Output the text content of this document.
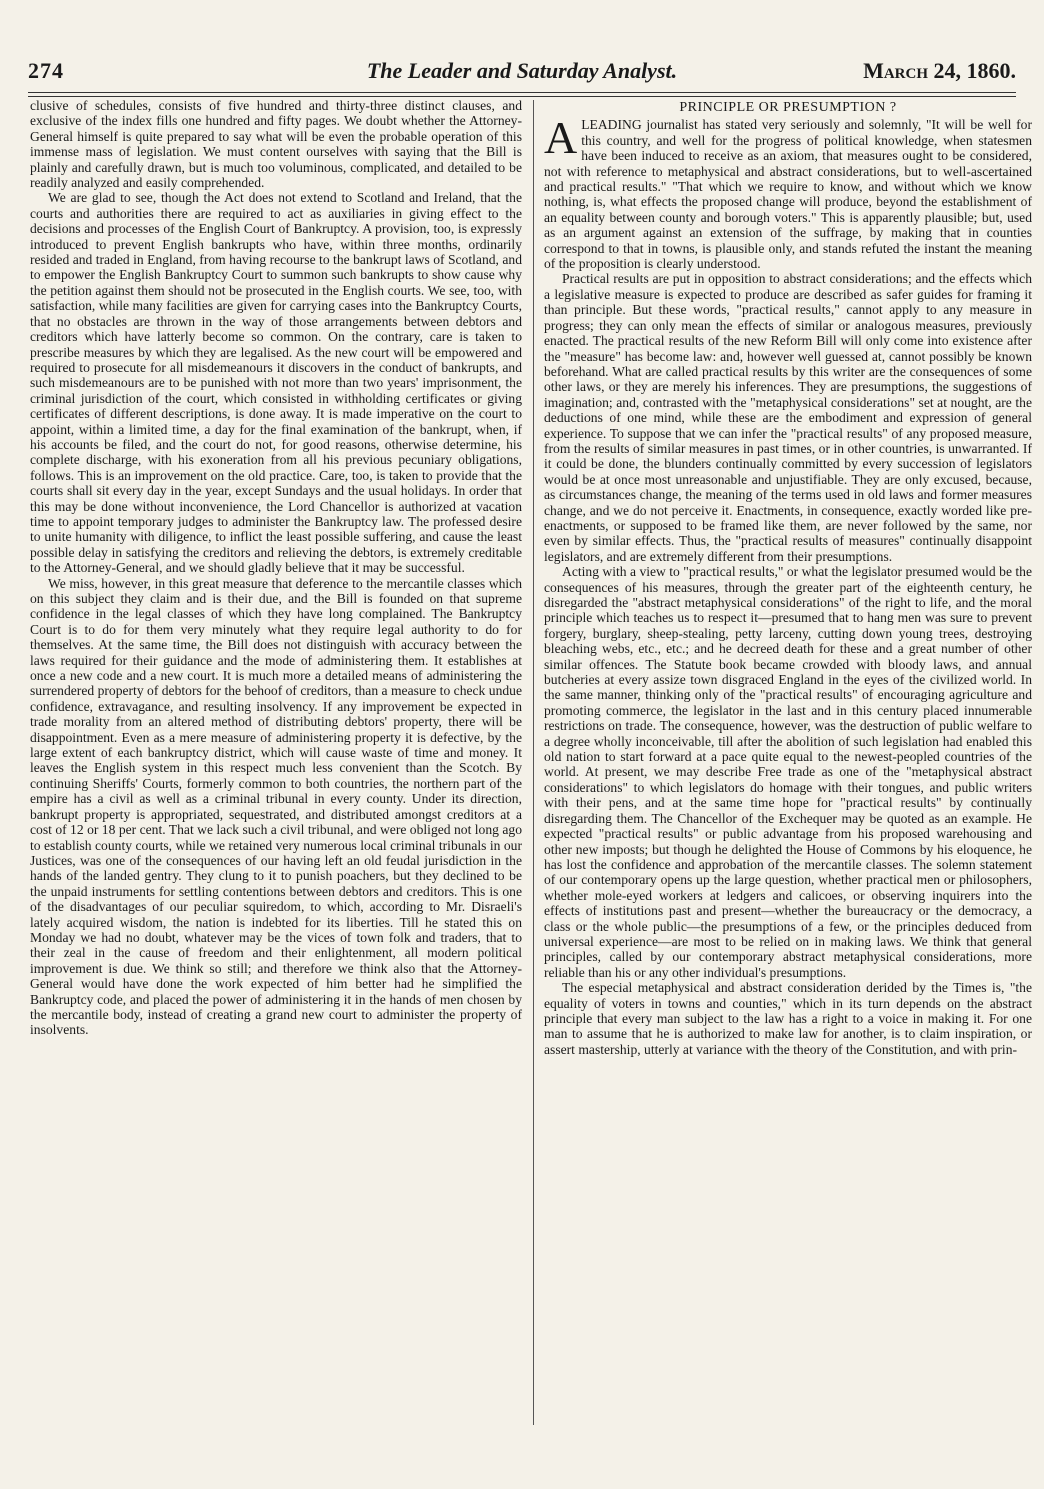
274	The Leader and Saturday Analyst.	March 24, 1860.

clusive of schedules, consists of five hundred and thirty-three distinct clauses, and exclusive of the index fills one hundred and fifty pages. We doubt whether the Attorney-General himself is quite prepared to say what will be even the probable operation of this immense mass of legislation. We must content ourselves with saying that the Bill is plainly and carefully drawn, but is much too voluminous, complicated, and detailed to be readily analyzed and easily comprehended.

We are glad to see, though the Act does not extend to Scotland and Ireland, that the courts and authorities there are required to act as auxiliaries in giving effect to the decisions and processes of the English Court of Bankruptcy. A provision, too, is expressly introduced to prevent English bankrupts who have, within three months, ordinarily resided and traded in England, from having recourse to the bankrupt laws of Scotland, and to empower the English Bankruptcy Court to summon such bankrupts to show cause why the petition against them should not be prosecuted in the English courts. We see, too, with satisfaction, while many facilities are given for carrying cases into the Bankruptcy Courts, that no obstacles are thrown in the way of those arrangements between debtors and creditors which have latterly become so common. On the contrary, care is taken to prescribe measures by which they are legalised. As the new court will be empowered and required to prosecute for all misdemeanours it discovers in the conduct of bankrupts, and such misdemeanours are to be punished with not more than two years' imprisonment, the criminal jurisdiction of the court, which consisted in withholding certificates or giving certificates of different descriptions, is done away. It is made imperative on the court to appoint, within a limited time, a day for the final examination of the bankrupt, when, if his accounts be filed, and the court do not, for good reasons, otherwise determine, his complete discharge, with his exoneration from all his previous pecuniary obligations, follows. This is an improvement on the old practice. Care, too, is taken to provide that the courts shall sit every day in the year, except Sundays and the usual holidays. In order that this may be done without inconvenience, the Lord Chancellor is authorized at vacation time to appoint temporary judges to administer the Bankruptcy law. The professed desire to unite humanity with diligence, to inflict the least possible suffering, and cause the least possible delay in satisfying the creditors and relieving the debtors, is extremely creditable to the Attorney-General, and we should gladly believe that it may be successful.

We miss, however, in this great measure that deference to the mercantile classes which on this subject they claim and is their due, and the Bill is founded on that supreme confidence in the legal classes of which they have long complained. The Bankruptcy Court is to do for them very minutely what they require legal authority to do for themselves. At the same time, the Bill does not distinguish with accuracy between the laws required for their guidance and the mode of administering them. It establishes at once a new code and a new court. It is much more a detailed means of administering the surrendered property of debtors for the behoof of creditors, than a measure to check undue confidence, extravagance, and resulting insolvency. If any improvement be expected in trade morality from an altered method of distributing debtors' property, there will be disappointment. Even as a mere measure of administering property it is defective, by the large extent of each bankruptcy district, which will cause waste of time and money. It leaves the English system in this respect much less convenient than the Scotch. By continuing Sheriffs' Courts, formerly common to both countries, the northern part of the empire has a civil as well as a criminal tribunal in every county. Under its direction, bankrupt property is appropriated, sequestrated, and distributed amongst creditors at a cost of 12 or 18 per cent. That we lack such a civil tribunal, and were obliged not long ago to establish county courts, while we retained very numerous local criminal tribunals in our Justices, was one of the consequences of our having left an old feudal jurisdiction in the hands of the landed gentry. They clung to it to punish poachers, but they declined to be the unpaid instruments for settling contentions between debtors and creditors. This is one of the disadvantages of our peculiar squiredom, to which, according to Mr. Disraeli's lately acquired wisdom, the nation is indebted for its liberties. Till he stated this on Monday we had no doubt, whatever may be the vices of town folk and traders, that to their zeal in the cause of freedom and their enlightenment, all modern political improvement is due. We think so still; and therefore we think also that the Attorney-General would have done the work expected of him better had he simplified the Bankruptcy code, and placed the power of administering it in the hands of men chosen by the mercantile body, instead of creating a grand new court to administer the property of insolvents.

PRINCIPLE OR PRESUMPTION ?

ALEADING journalist has stated very seriously and solemnly, "It will be well for this country, and well for the progress of political knowledge, when statesmen have been induced to receive as an axiom, that measures ought to be considered, not with reference to metaphysical and abstract considerations, but to well-ascertained and practical results." "That which we require to know, and without which we know nothing, is, what effects the proposed change will produce, beyond the establishment of an equality between county and borough voters." This is apparently plausible; but, used as an argument against an extension of the suffrage, by making that in counties correspond to that in towns, is plausible only, and stands refuted the instant the meaning of the proposition is clearly understood.

Practical results are put in opposition to abstract considerations; and the effects which a legislative measure is expected to produce are described as safer guides for framing it than principle. But these words, "practical results," cannot apply to any measure in progress; they can only mean the effects of similar or analogous measures, previously enacted. The practical results of the new Reform Bill will only come into existence after the "measure" has become law: and, however well guessed at, cannot possibly be known beforehand. What are called practical results by this writer are the consequences of some other laws, or they are merely his inferences. They are presumptions, the suggestions of imagination; and, contrasted with the "metaphysical considerations" set at nought, are the deductions of one mind, while these are the embodiment and expression of general experience. To suppose that we can infer the "practical results" of any proposed measure, from the results of similar measures in past times, or in other countries, is unwarranted. If it could be done, the blunders continually committed by every succession of legislators would be at once most unreasonable and unjustifiable. They are only excused, because, as circumstances change, the meaning of the terms used in old laws and former measures change, and we do not perceive it. Enactments, in consequence, exactly worded like pre-enactments, or supposed to be framed like them, are never followed by the same, nor even by similar effects. Thus, the "practical results of measures" continually disappoint legislators, and are extremely different from their presumptions.

Acting with a view to "practical results," or what the legislator presumed would be the consequences of his measures, through the greater part of the eighteenth century, he disregarded the "abstract metaphysical considerations" of the right to life, and the moral principle which teaches us to respect it—presumed that to hang men was sure to prevent forgery, burglary, sheep-stealing, petty larceny, cutting down young trees, destroying bleaching webs, etc., etc.; and he decreed death for these and a great number of other similar offences. The Statute book became crowded with bloody laws, and annual butcheries at every assize town disgraced England in the eyes of the civilized world. In the same manner, thinking only of the "practical results" of encouraging agriculture and promoting commerce, the legislator in the last and in this century placed innumerable restrictions on trade. The consequence, however, was the destruction of public welfare to a degree wholly inconceivable, till after the abolition of such legislation had enabled this old nation to start forward at a pace quite equal to the newest-peopled countries of the world. At present, we may describe Free trade as one of the "metaphysical abstract considerations" to which legislators do homage with their tongues, and public writers with their pens, and at the same time hope for "practical results" by continually disregarding them. The Chancellor of the Exchequer may be quoted as an example. He expected "practical results" or public advantage from his proposed warehousing and other new imposts; but though he delighted the House of Commons by his eloquence, he has lost the confidence and approbation of the mercantile classes. The solemn statement of our contemporary opens up the large question, whether practical men or philosophers, whether mole-eyed workers at ledgers and calicoes, or observing inquirers into the effects of institutions past and present—whether the bureaucracy or the democracy, a class or the whole public—the presumptions of a few, or the principles deduced from universal experience—are most to be relied on in making laws. We think that general principles, called by our contemporary abstract metaphysical considerations, more reliable than his or any other individual's presumptions.

The especial metaphysical and abstract consideration derided by the Times is, "the equality of voters in towns and counties," which in its turn depends on the abstract principle that every man subject to the law has a right to a voice in making it. For one man to assume that he is authorized to make law for another, is to claim inspiration, or assert mastership, utterly at variance with the theory of the Constitution, and with prin-
